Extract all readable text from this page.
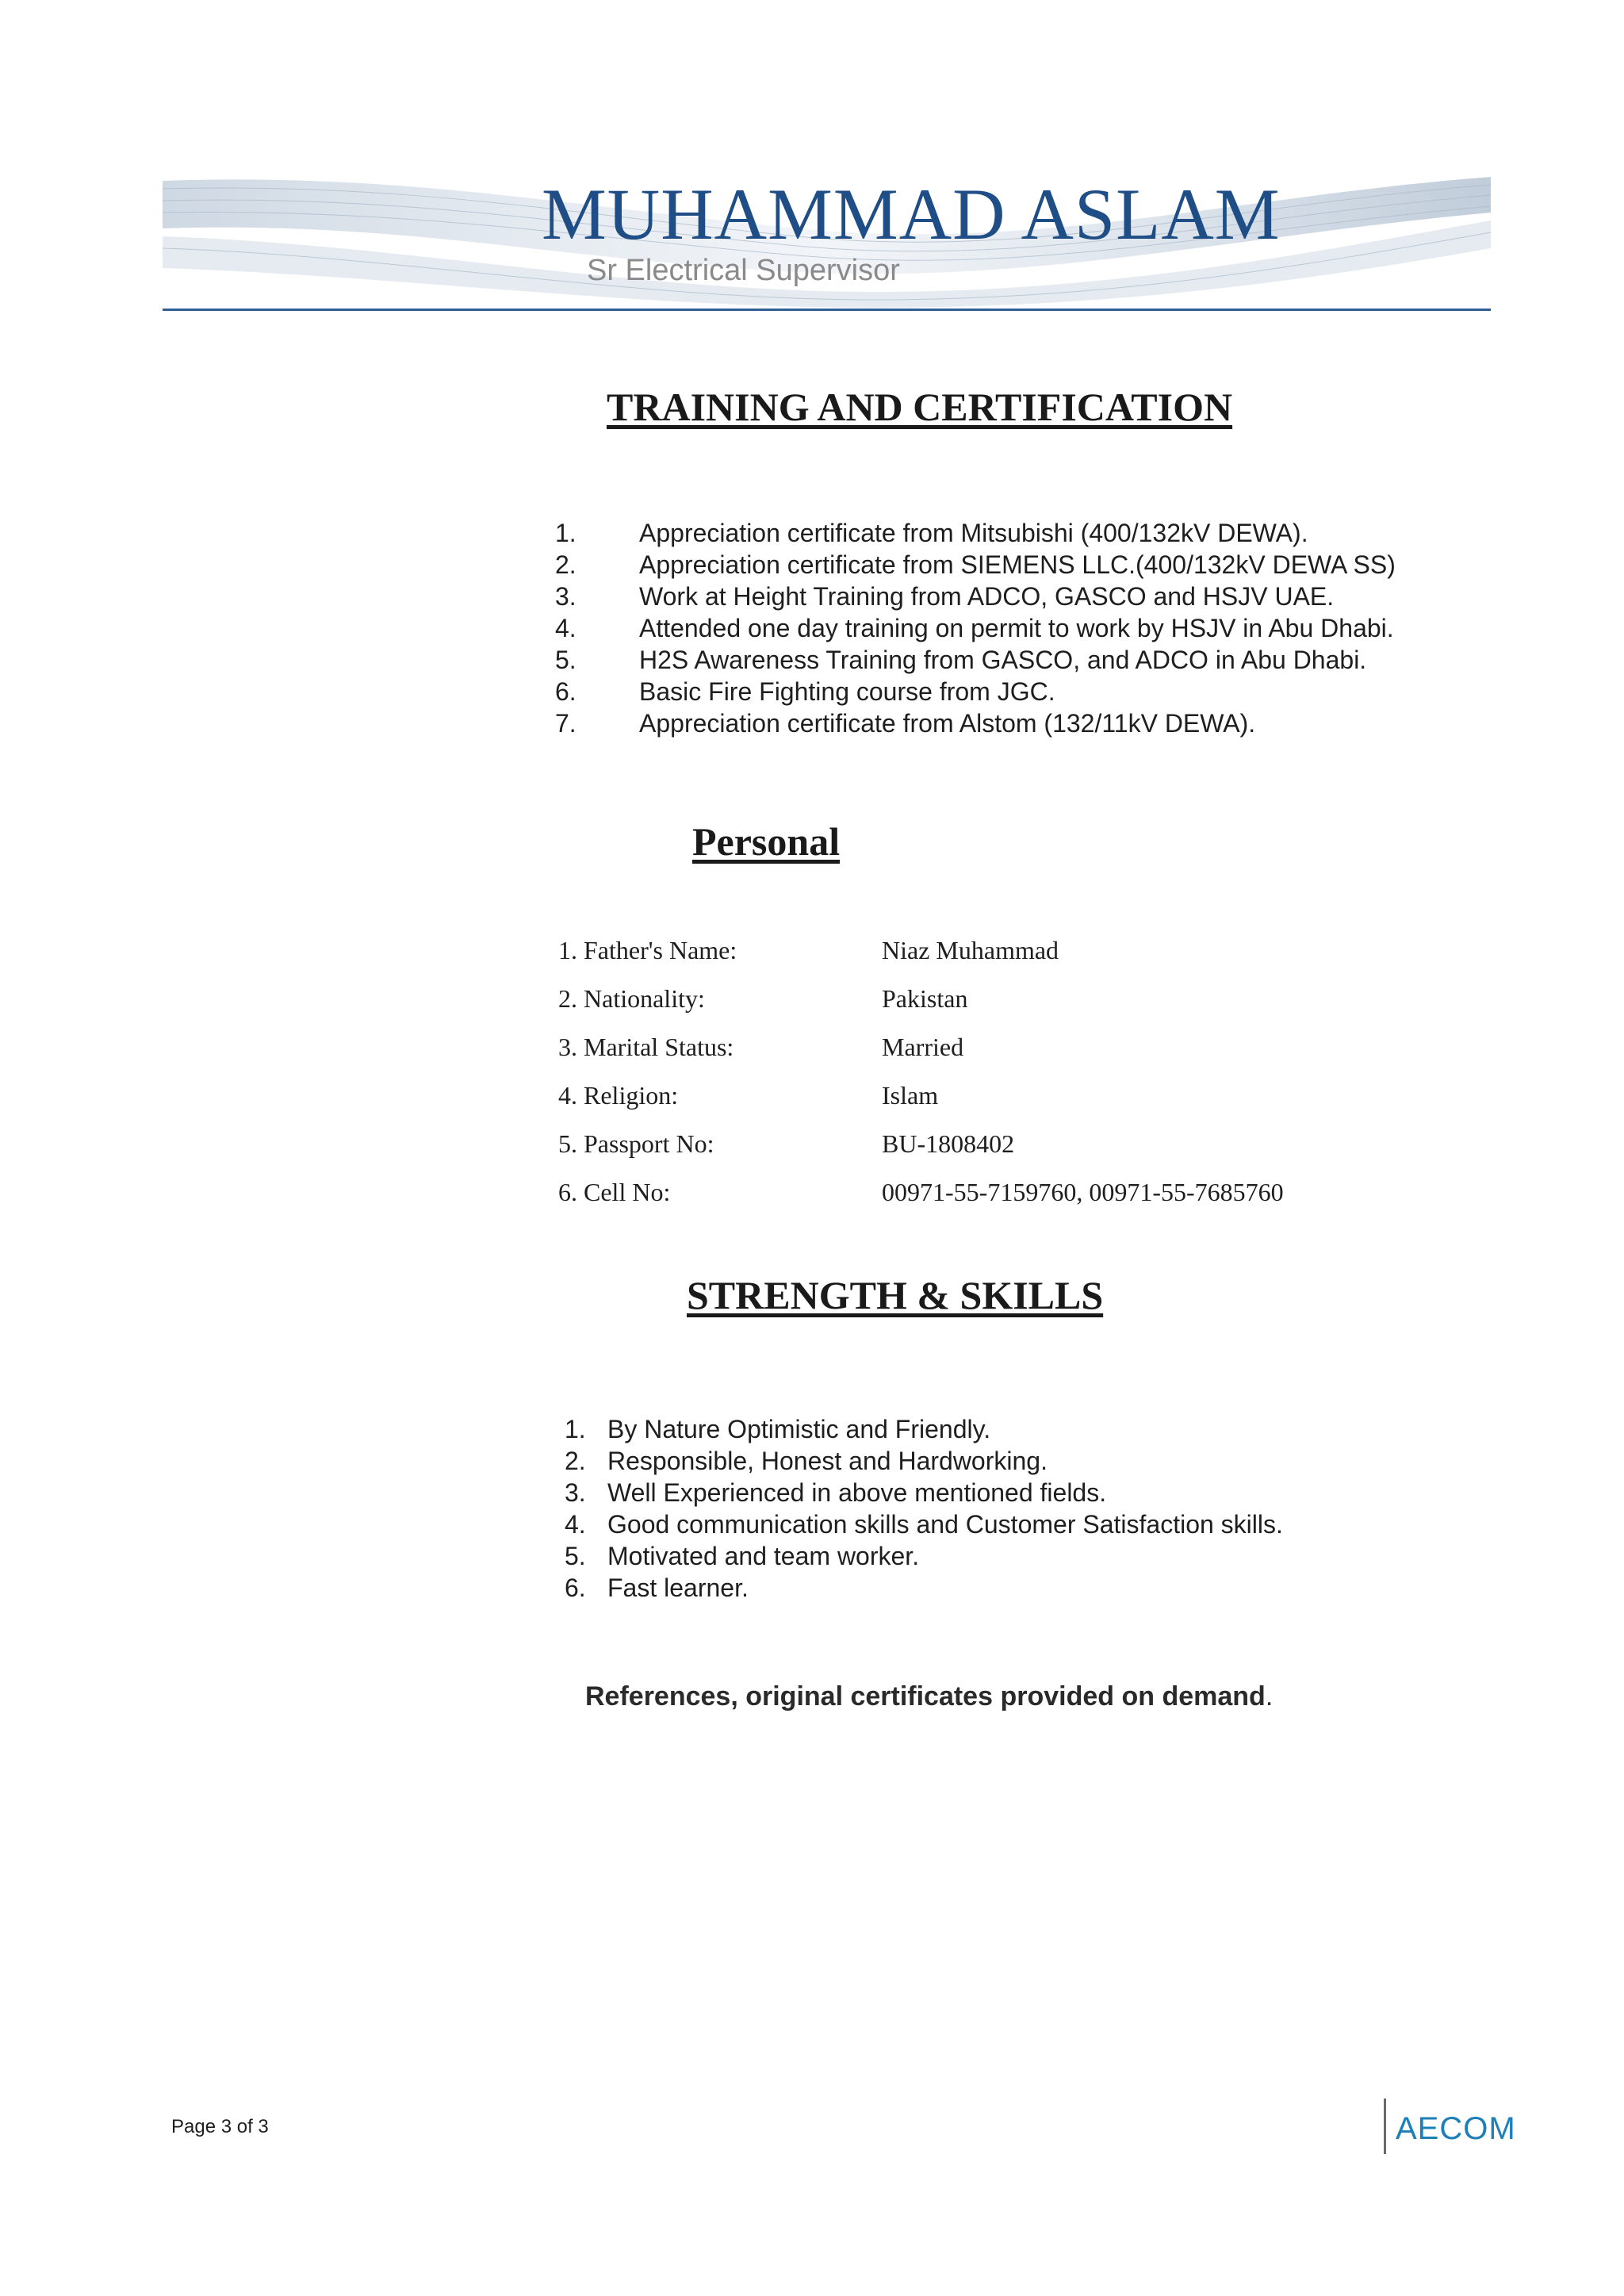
MUHAMMAD ASLAM
Sr Electrical Supervisor
TRAINING AND CERTIFICATION
1. Appreciation certificate from Mitsubishi (400/132kV DEWA).
2. Appreciation certificate from SIEMENS LLC.(400/132kV DEWA SS)
3. Work at Height Training from ADCO, GASCO and HSJV UAE.
4. Attended one day training on permit to work by HSJV in Abu Dhabi.
5. H2S Awareness Training from GASCO, and ADCO in Abu Dhabi.
6. Basic Fire Fighting course from JGC.
7. Appreciation certificate from Alstom (132/11kV DEWA).
Personal
1. Father's Name:	Niaz Muhammad
2. Nationality:	Pakistan
3. Marital Status:	Married
4. Religion:	Islam
5. Passport No:	BU-1808402
6. Cell No:	00971-55-7159760, 00971-55-7685760
STRENGTH & SKILLS
1. By Nature Optimistic and Friendly.
2. Responsible, Honest and Hardworking.
3. Well Experienced in above mentioned fields.
4. Good communication skills and Customer Satisfaction skills.
5. Motivated and team worker.
6. Fast learner.
References, original certificates provided on demand.
Page 3 of 3	AECOM
